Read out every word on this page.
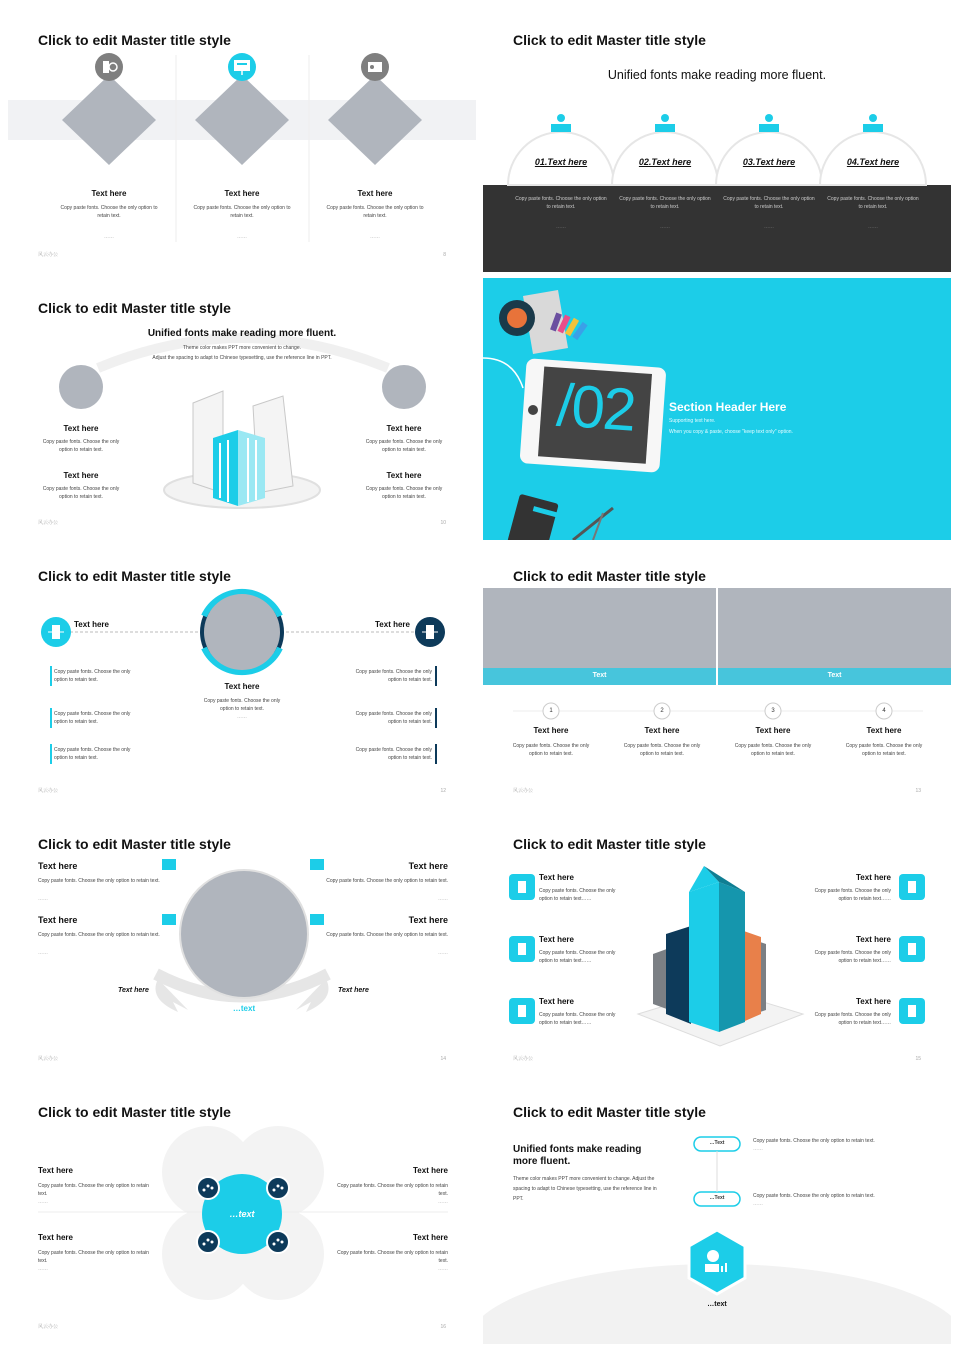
Click to edit Master title style
Text here
Copy paste fonts. Choose the only option to retain text.
……
Text here
Copy paste fonts. Choose the only option to retain text.
……
Text here
Copy paste fonts. Choose the only option to retain text.
……
风云办公	8
Click to edit Master title style
Unified fonts make reading more fluent.
01.Text here	02.Text here	03.Text here	04.Text here
Copy paste fonts. Choose the only option to retain text.
Copy paste fonts. Choose the only option to retain text.
Copy paste fonts. Choose the only option to retain text.
Copy paste fonts. Choose the only option to retain text.
……	……	……	……
Click to edit Master title style
Unified fonts make reading more fluent.
Theme color makes PPT more convenient to change.
Adjust the spacing to adapt to Chinese typesetting, use the reference line in PPT.
Text here
Copy paste fonts. Choose the only option to retain text.
Text here
Copy paste fonts. Choose the only option to retain text.
Text here
Copy paste fonts. Choose the only option to retain text.
Text here
Copy paste fonts. Choose the only option to retain text.
风云办公	10
/02	Section Header Here
Supporting text here.
When you copy & paste, choose "keep text only" option.
Click to edit Master title style
Text here	Text here
Copy paste fonts. Choose the only option to retain text.
Copy paste fonts. Choose the only option to retain text.
Copy paste fonts. Choose the only option to retain text.
Copy paste fonts. Choose the only option to retain text.
Copy paste fonts. Choose the only option to retain text.
Copy paste fonts. Choose the only option to retain text.
Text here
Copy paste fonts. Choose the only option to retain text.
……
风云办公	12
Click to edit Master title style
Text	Text
1	2	3	4
Text here
Copy paste fonts. Choose the only option to retain text.
Text here
Copy paste fonts. Choose the only option to retain text.
Text here
Copy paste fonts. Choose the only option to retain text.
Text here
Copy paste fonts. Choose the only option to retain text.
风云办公	13
Click to edit Master title style
Text here
Copy paste fonts. Choose the only option to retain text.
……
Text here
Copy paste fonts. Choose the only option to retain text.
……
Text here
Copy paste fonts. Choose the only option to retain text.
……
Text here
Copy paste fonts. Choose the only option to retain text.
……
Text here	Text here
…text
风云办公	14
Click to edit Master title style
Text here
Copy paste fonts. Choose the only option to retain text……
Text here
Copy paste fonts. Choose the only option to retain text……
Text here
Copy paste fonts. Choose the only option to retain text……
Text here
Copy paste fonts. Choose the only option to retain text……
Text here
Copy paste fonts. Choose the only option to retain text……
Text here
Copy paste fonts. Choose the only option to retain text……
风云办公	15
Click to edit Master title style
Text here
Copy paste fonts. Choose the only option to retain text.
……
Text here
Copy paste fonts. Choose the only option to retain text.
……
Text here
Copy paste fonts. Choose the only option to retain text.
……
Text here
Copy paste fonts. Choose the only option to retain text.
……
…text
风云办公	16
Click to edit Master title style
Unified fonts make reading more fluent.
Theme color makes PPT more convenient to change. Adjust the spacing to adapt to Chinese typesetting, use the reference line in PPT.
…Text
…Text
Copy paste fonts. Choose the only option to retain text.
……
Copy paste fonts. Choose the only option to retain text.
……
…text
